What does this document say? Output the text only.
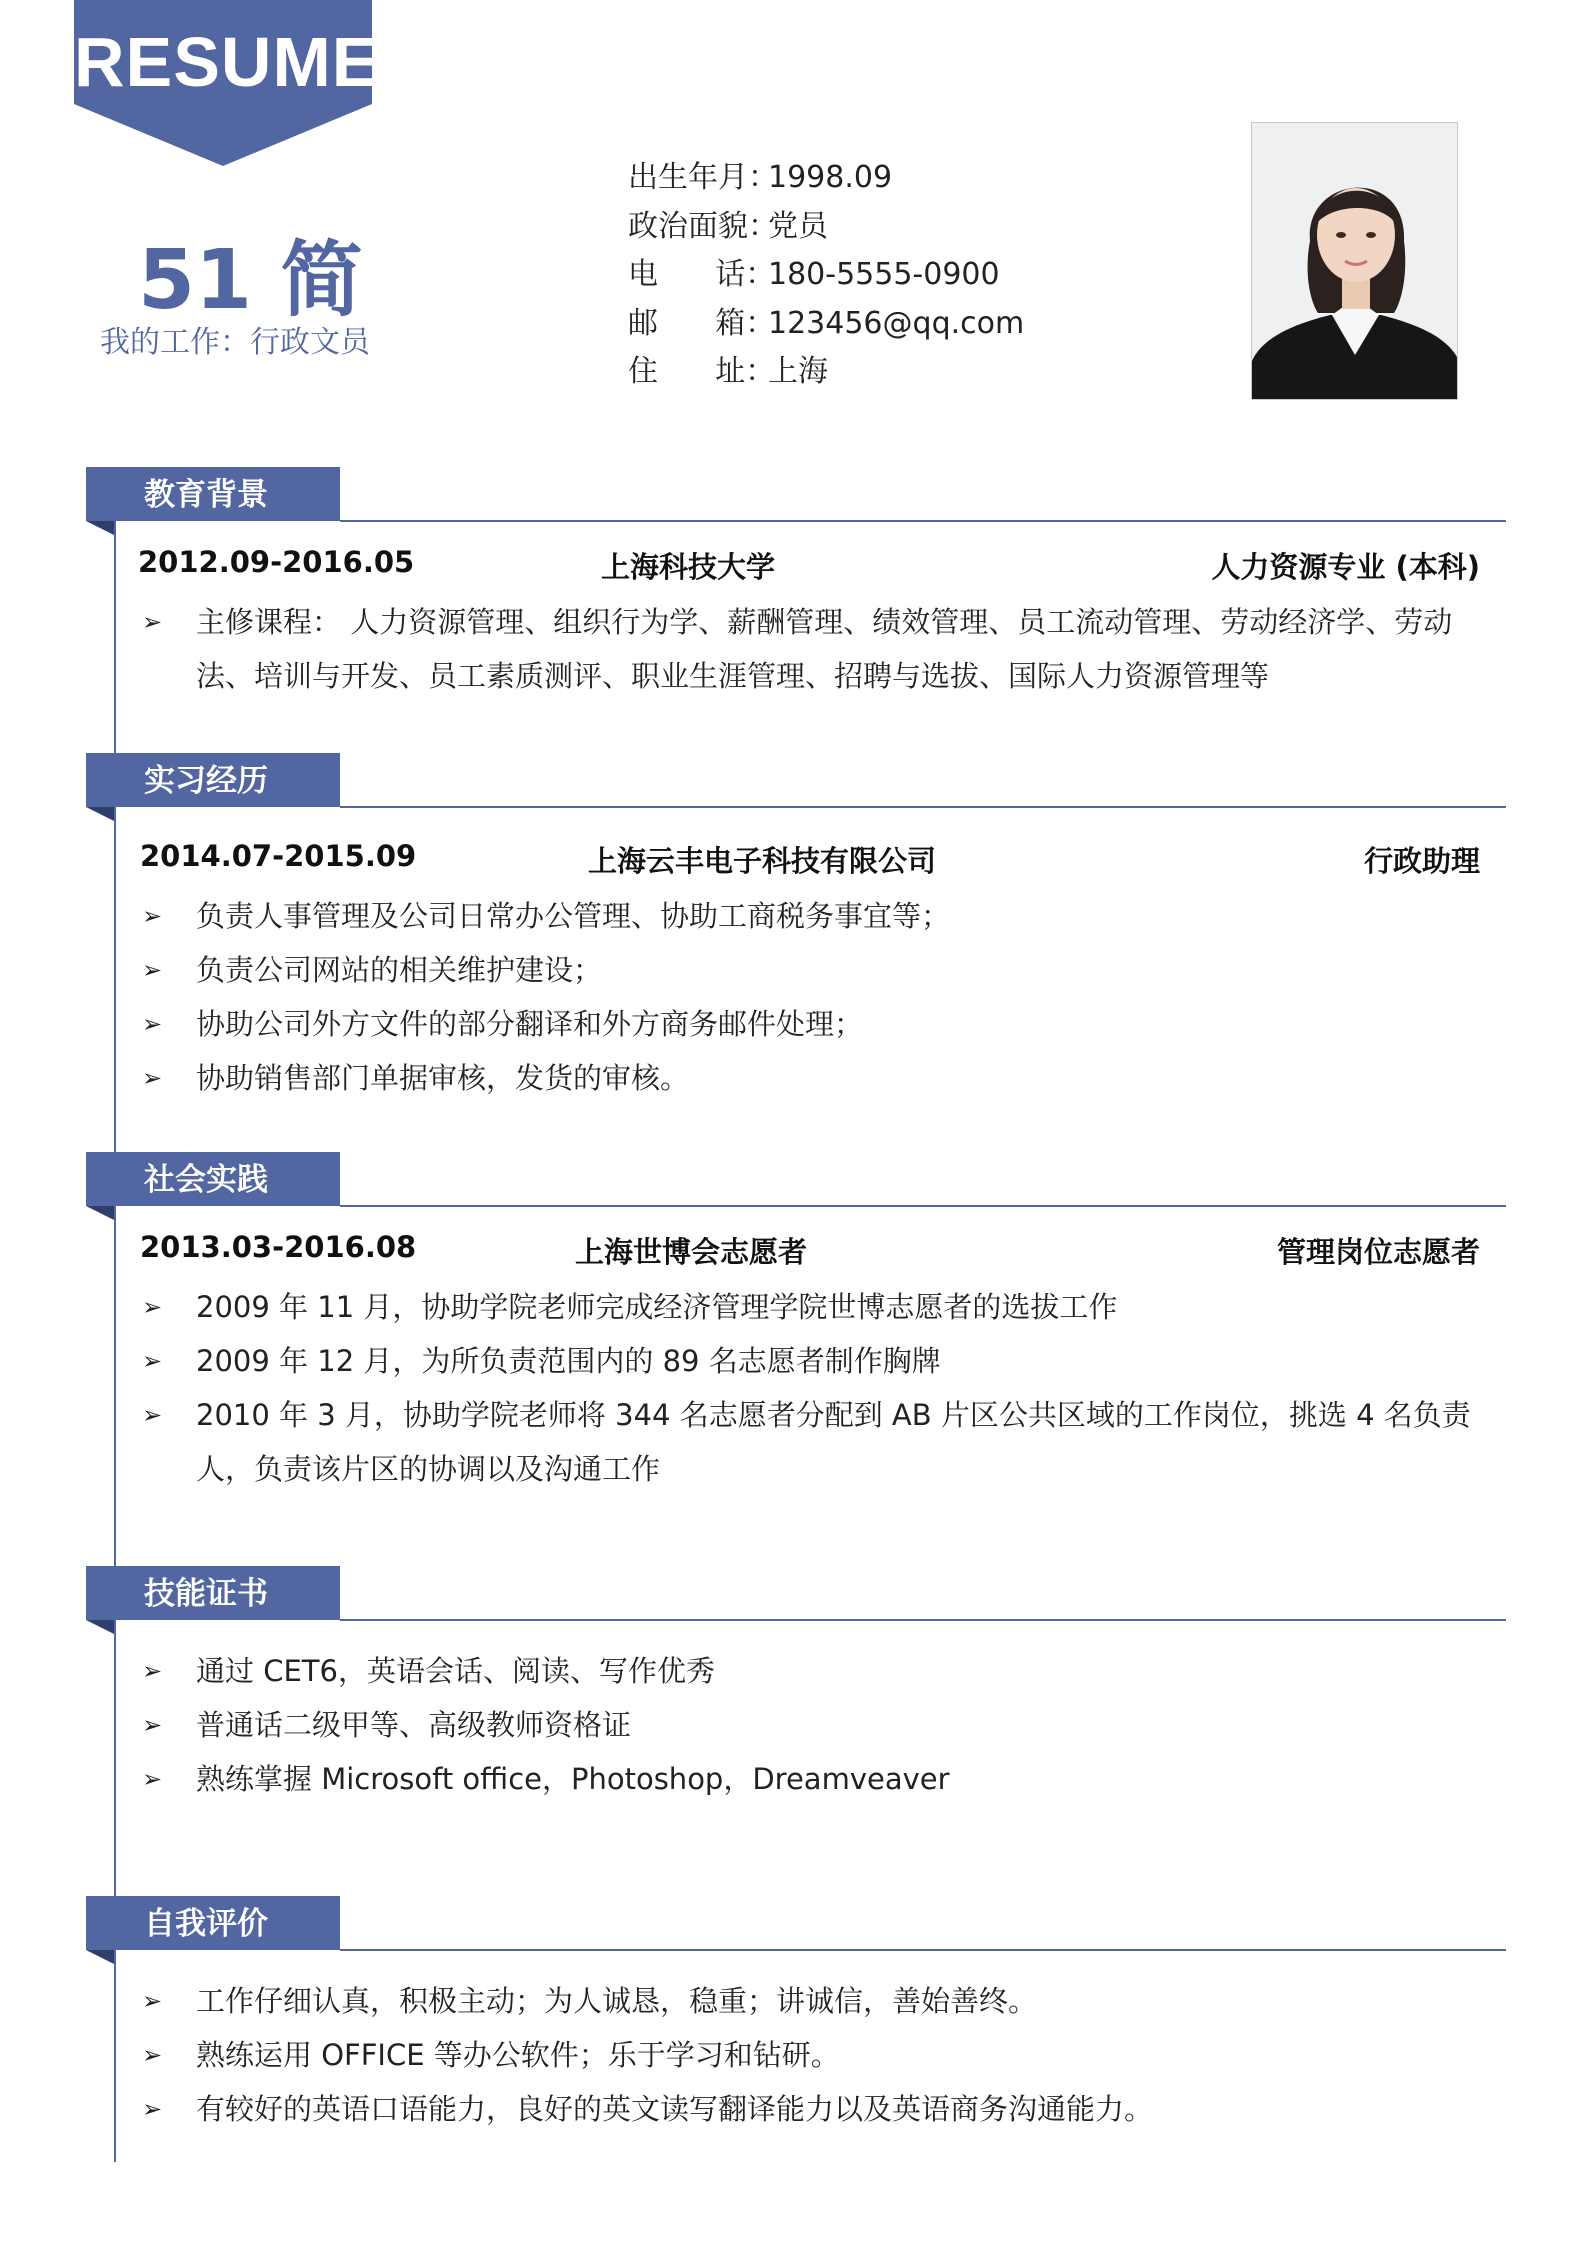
RESUME
51 简
我的工作：行政文员
出生年月：
1998.09
政治面貌：
党员
电      话：
180-5555-0900
邮      箱：
123456@qq.com
住      址：
上海
教育背景
2012.09-2016.05	上海科技大学	人力资源专业 (本科)
➢ 主修课程： 人力资源管理、组织行为学、薪酬管理、绩效管理、员工流动管理、劳动经济学、劳动法、培训与开发、员工素质测评、职业生涯管理、招聘与选拔、国际人力资源管理等
实习经历
2014.07-2015.09	上海云丰电子科技有限公司	行政助理
➢ 负责人事管理及公司日常办公管理、协助工商税务事宜等；
➢ 负责公司网站的相关维护建设；
➢ 协助公司外方文件的部分翻译和外方商务邮件处理；
➢ 协助销售部门单据审核，发货的审核。
社会实践
2013.03-2016.08	上海世博会志愿者	管理岗位志愿者
➢ 2009 年 11 月，协助学院老师完成经济管理学院世博志愿者的选拔工作
➢ 2009 年 12 月，为所负责范围内的 89 名志愿者制作胸牌
➢ 2010 年 3 月，协助学院老师将 344 名志愿者分配到 AB 片区公共区域的工作岗位，挑选 4 名负责人，负责该片区的协调以及沟通工作
技能证书
➢ 通过 CET6，英语会话、阅读、写作优秀
➢ 普通话二级甲等、高级教师资格证
➢ 熟练掌握 Microsoft office，Photoshop，Dreamveaver
自我评价
➢ 工作仔细认真，积极主动；为人诚恳，稳重；讲诚信，善始善终。
➢ 熟练运用 OFFICE 等办公软件；乐于学习和钻研。
➢ 有较好的英语口语能力，良好的英文读写翻译能力以及英语商务沟通能力。
